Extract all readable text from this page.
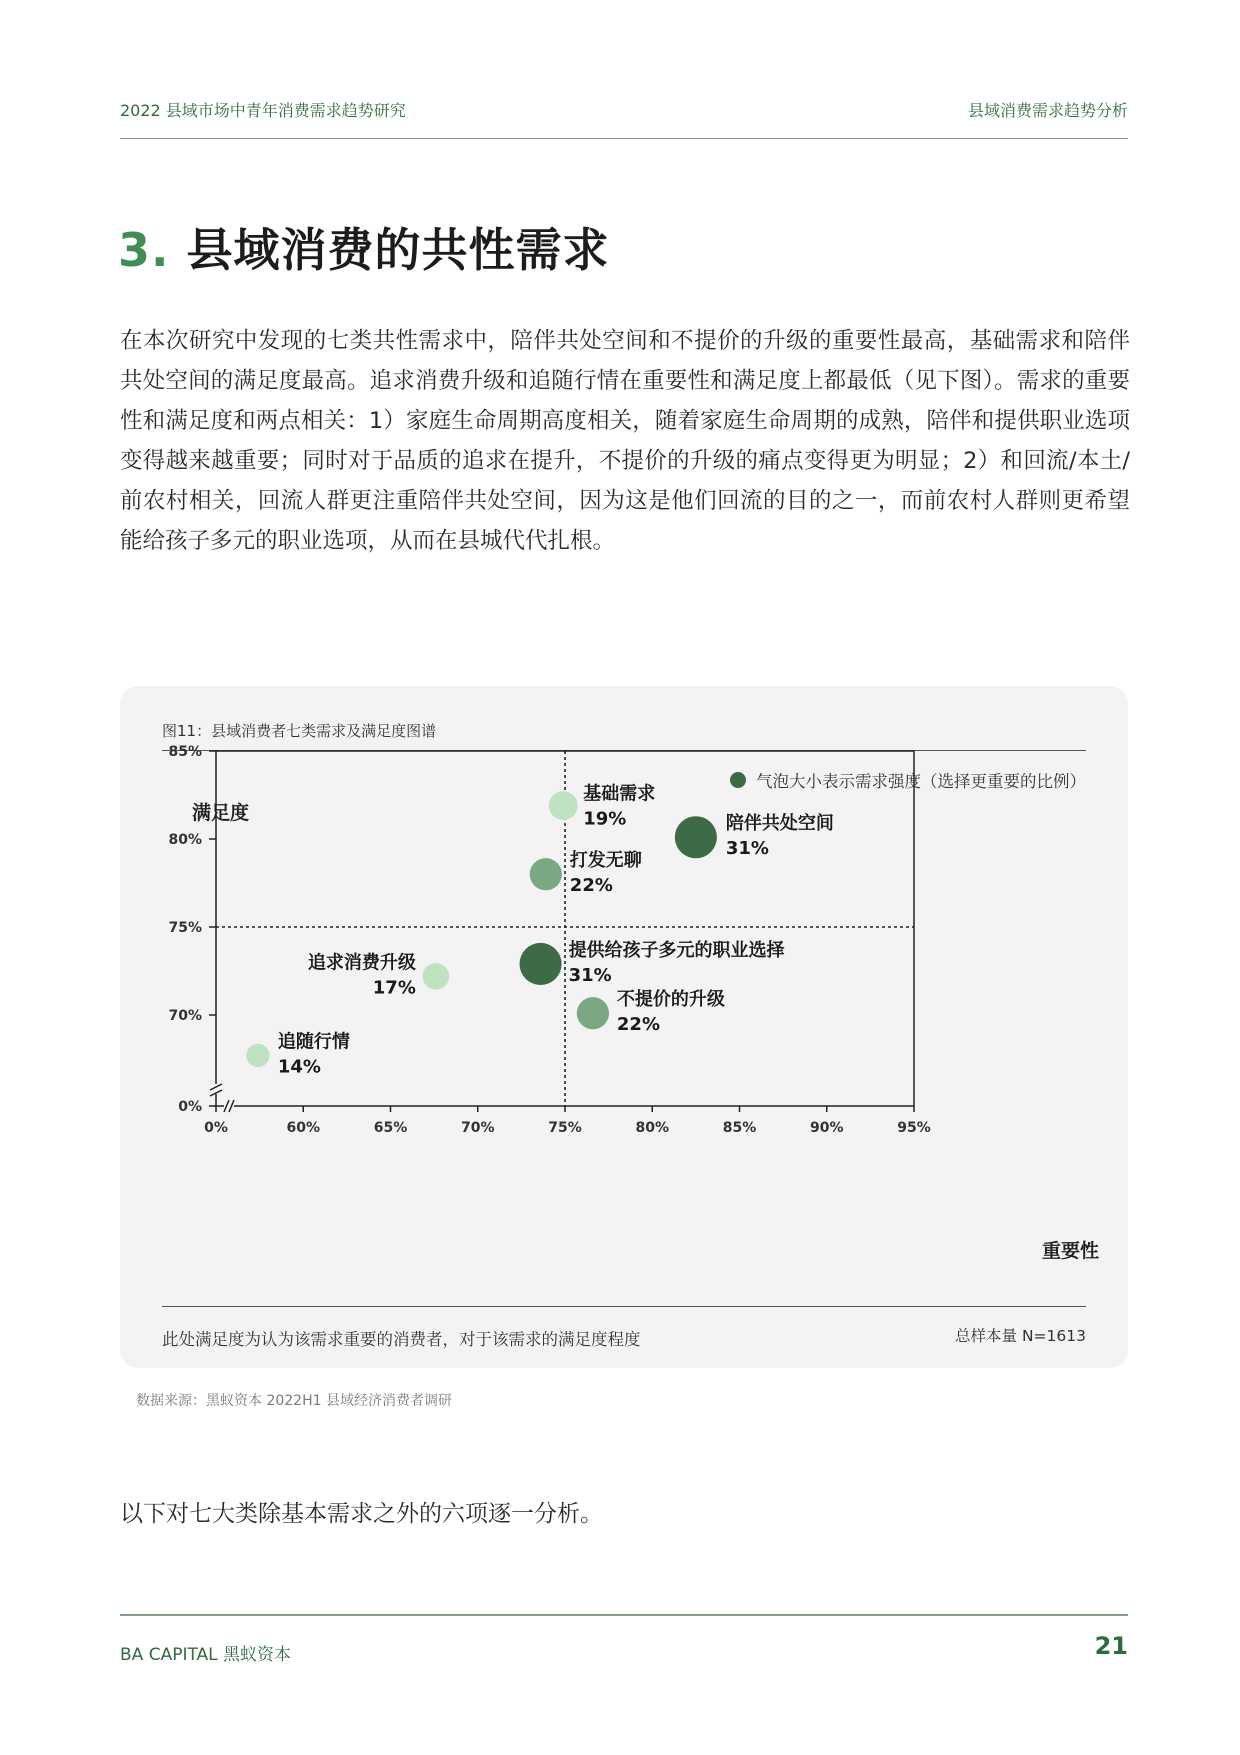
2022 县域市场中青年消费需求趋势研究	县域消费需求趋势分析
3. 县域消费的共性需求
在本次研究中发现的七类共性需求中，陪伴共处空间和不提价的升级的重要性最高，基础需求和陪伴共处空间的满足度最高。追求消费升级和追随行情在重要性和满足度上都最低（见下图）。需求的重要性和满足度和两点相关：1）家庭生命周期高度相关，随着家庭生命周期的成熟，陪伴和提供职业选项变得越来越重要；同时对于品质的追求在提升，不提价的升级的痛点变得更为明显；2）和回流/本土/前农村相关，回流人群更注重陪伴共处空间，因为这是他们回流的目的之一，而前农村人群则更希望能给孩子多元的职业选项，从而在县城代代扎根。
图11：县域消费者七类需求及满足度图谱
气泡大小表示需求强度（选择更重要的比例）
满足度
0%	60%	65%	70%	75%	80%	85%	90%	95%
85%
80%
75%
70%
0%
基础需求
19%	陪伴共处空间
31%
打发无聊
22%
提供给孩子多元的职业选择
31%
追求消费升级
17%
不提价的升级
22%
追随行情
14%
重要性
此处满足度为认为该需求重要的消费者，对于该需求的满足度程度	总样本量 N=1613
数据来源：黑蚁资本 2022H1 县域经济消费者调研
以下对七大类除基本需求之外的六项逐一分析。
BA CAPITAL 黑蚁资本	21
